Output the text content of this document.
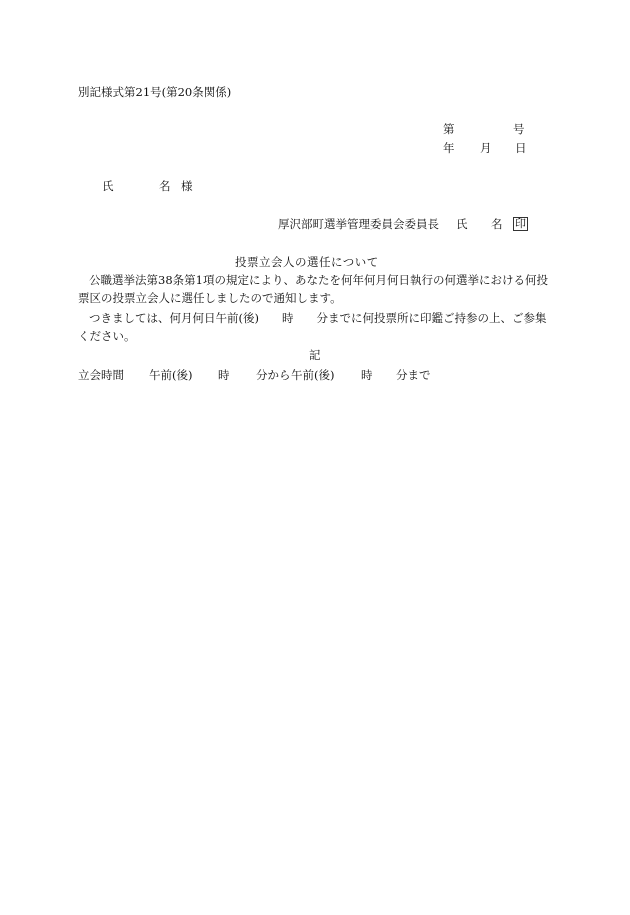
別記様式第21号(第20条関係)
第	号
年 月 日
氏	名 様
厚沢部町選挙管理委員会委員長 氏 名 印
投票立会人の選任について
公職選挙法第38条第1項の規定により、あなたを何年何月何日執行の何選挙における何投票区の投票立会人に選任しましたので通知します。
つきましては、何月何日午前(後)　　時　　分までに何投票所に印鑑ご持参の上、ご参集ください。
記
立会時間 午前(後) 時 分から 午前(後) 時 分まで
